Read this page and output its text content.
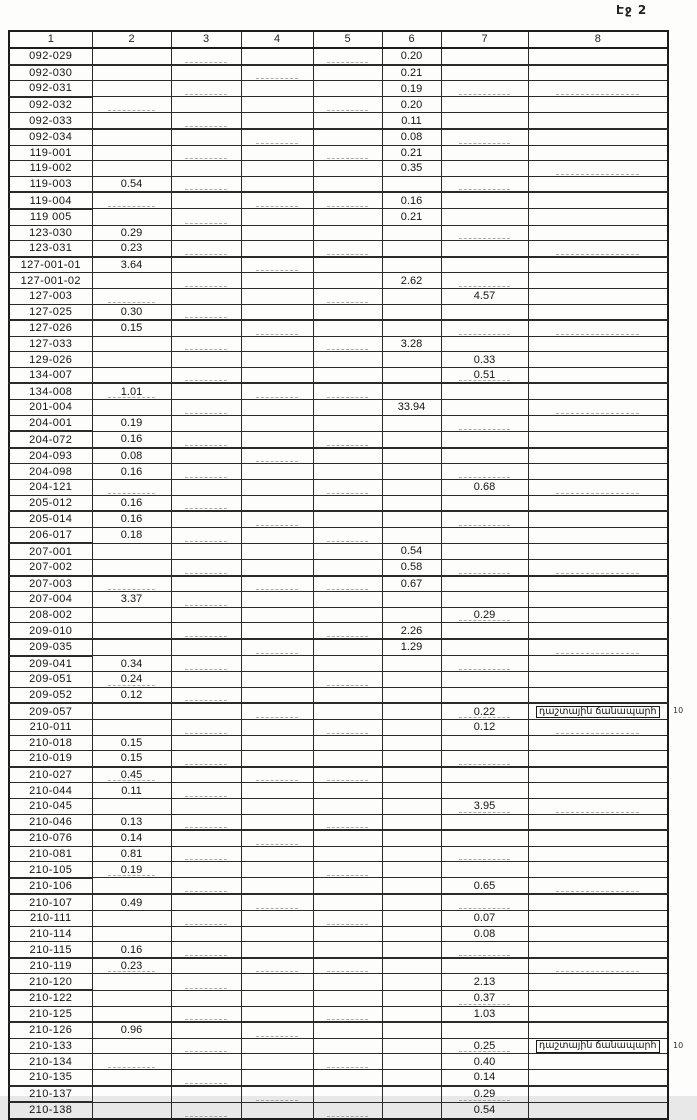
Էջ 2
1	2	3	4	5	6	7	8
092-029					0.20		
092-030					0.21		
092-031					0.19		
092-032					0.20		
092-033					0.11		
092-034					0.08		
119-001					0.21		
119-002					0.35		
119-003	0.54						
119-004					0.16		
119 005					0.21		
123-030	0.29						
123-031	0.23						
127-001-01	3.64						
127-001-02					2.62		
127-003						4.57	
127-025	0.30						
127-026	0.15						
127-033					3.28		
129-026						0.33	
134-007						0.51	
134-008	1.01						
201-004					33.94		
204-001	0.19						
204-072	0.16						
204-093	0.08						
204-098	0.16						
204-121						0.68	
205-012	0.16						
205-014	0.16						
206-017	0.18						
207-001					0.54		
207-002					0.58		
207-003					0.67		
207-004	3.37						
208-002						0.29	
209-010					2.26		
209-035					1.29		
209-041	0.34						
209-051	0.24						
209-052	0.12						
209-057						0.22	դաշտային ճանապարհ 10

210-011						0.12	
210-018	0.15						
210-019	0.15						
210-027	0.45						
210-044	0.11						
210-045						3.95	
210-046	0.13						
210-076	0.14						
210-081	0.81						
210-105	0.19						
210-106						0.65	
210-107	0.49						
210-111						0.07	
210-114						0.08	
210-115	0.16						
210-119	0.23						
210-120						2.13	
210-122						0.37	
210-125						1.03	
210-126	0.96						
210-133						0.25	դաշտային ճանապարհ 10

210-134						0.40	
210-135						0.14	
210-137						0.29	
210-138						0.54	
